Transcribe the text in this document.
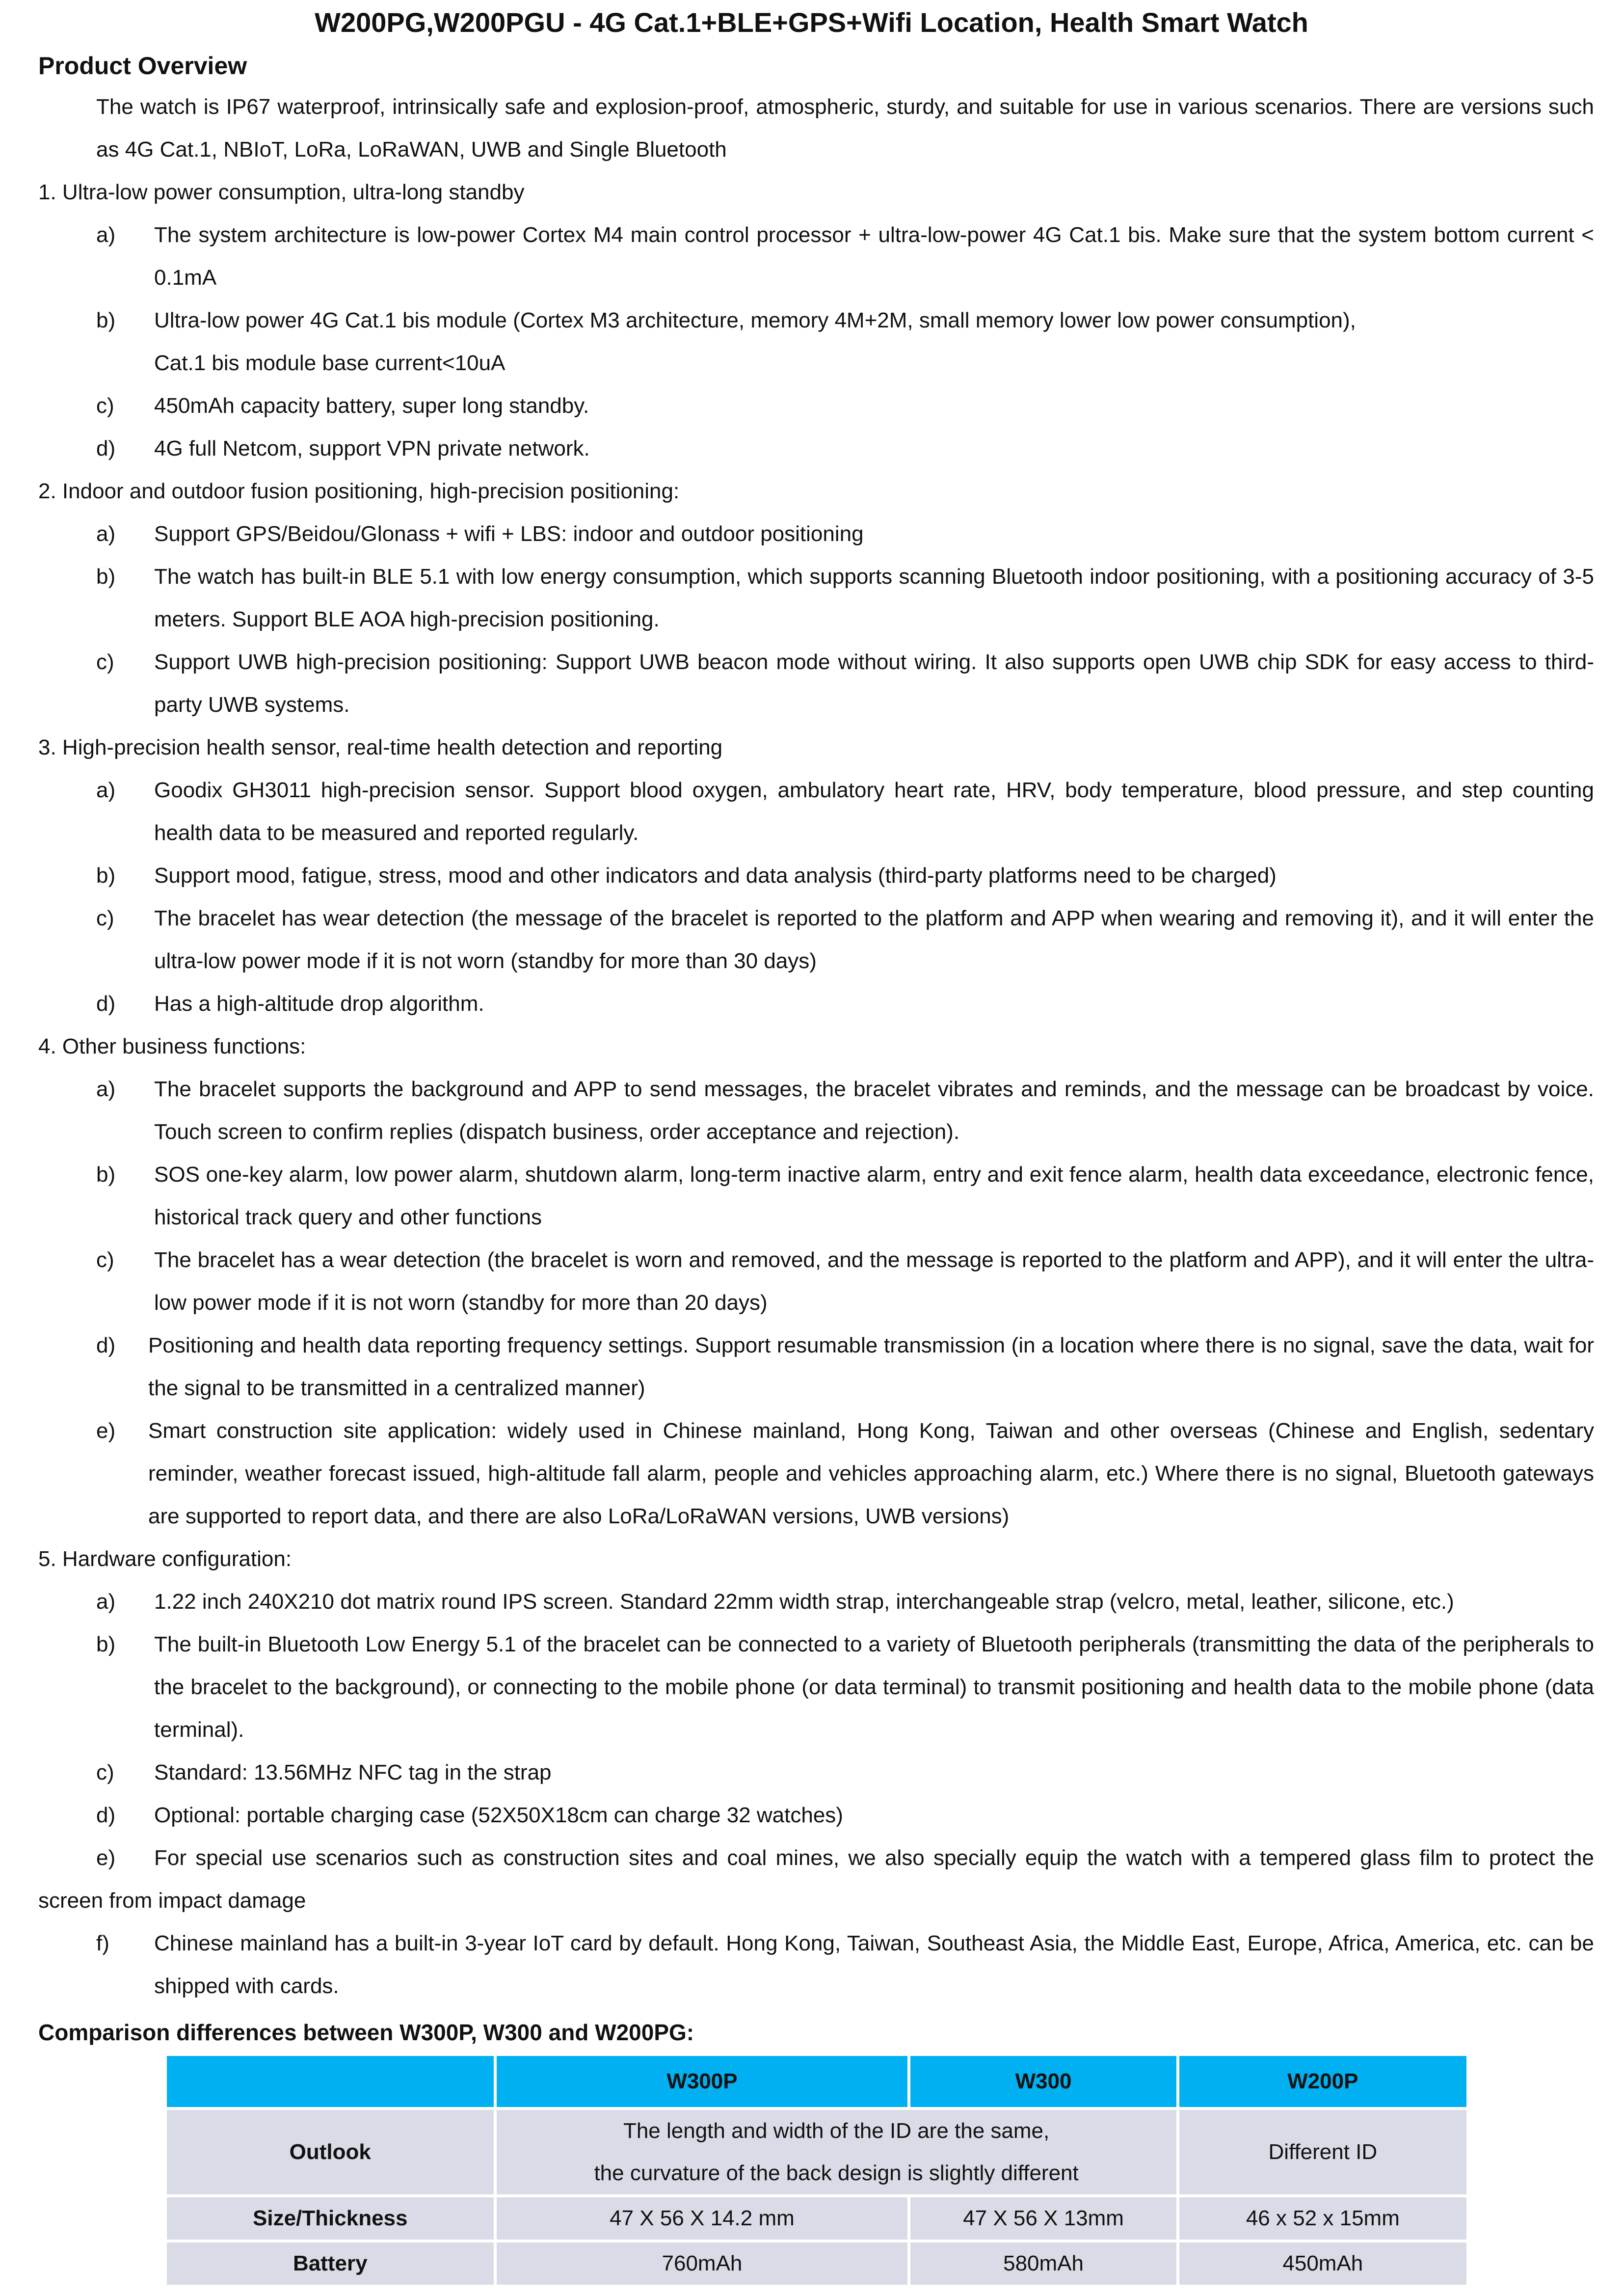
W200PG,W200PGU - 4G Cat.1+BLE+GPS+Wifi Location, Health Smart Watch
Product Overview
The watch is IP67 waterproof, intrinsically safe and explosion-proof, atmospheric, sturdy, and suitable for use in various scenarios. There are versions such as 4G Cat.1, NBIoT, LoRa, LoRaWAN, UWB and Single Bluetooth
1. Ultra-low power consumption, ultra-long standby
a) The system architecture is low-power Cortex M4 main control processor + ultra-low-power 4G Cat.1 bis. Make sure that the system bottom current < 0.1mA
b) Ultra-low power 4G Cat.1 bis module (Cortex M3 architecture, memory 4M+2M, small memory lower low power consumption),
Cat.1 bis module base current<10uA
c) 450mAh capacity battery, super long standby.
d) 4G full Netcom, support VPN private network.
2. Indoor and outdoor fusion positioning, high-precision positioning:
a) Support GPS/Beidou/Glonass + wifi + LBS: indoor and outdoor positioning
b) The watch has built-in BLE 5.1 with low energy consumption, which supports scanning Bluetooth indoor positioning, with a positioning accuracy of 3-5 meters. Support BLE AOA high-precision positioning.
c) Support UWB high-precision positioning: Support UWB beacon mode without wiring. It also supports open UWB chip SDK for easy access to third-party UWB systems.
3. High-precision health sensor, real-time health detection and reporting
a) Goodix GH3011 high-precision sensor. Support blood oxygen, ambulatory heart rate, HRV, body temperature, blood pressure, and step counting health data to be measured and reported regularly.
b) Support mood, fatigue, stress, mood and other indicators and data analysis (third-party platforms need to be charged)
c) The bracelet has wear detection (the message of the bracelet is reported to the platform and APP when wearing and removing it), and it will enter the ultra-low power mode if it is not worn (standby for more than 30 days)
d) Has a high-altitude drop algorithm.
4. Other business functions:
a) The bracelet supports the background and APP to send messages, the bracelet vibrates and reminds, and the message can be broadcast by voice. Touch screen to confirm replies (dispatch business, order acceptance and rejection).
b) SOS one-key alarm, low power alarm, shutdown alarm, long-term inactive alarm, entry and exit fence alarm, health data exceedance, electronic fence, historical track query and other functions
c) The bracelet has a wear detection (the bracelet is worn and removed, and the message is reported to the platform and APP), and it will enter the ultra-low power mode if it is not worn (standby for more than 20 days)
d) Positioning and health data reporting frequency settings. Support resumable transmission (in a location where there is no signal, save the data, wait for the signal to be transmitted in a centralized manner)
e) Smart construction site application: widely used in Chinese mainland, Hong Kong, Taiwan and other overseas (Chinese and English, sedentary reminder, weather forecast issued, high-altitude fall alarm, people and vehicles approaching alarm, etc.) Where there is no signal, Bluetooth gateways are supported to report data, and there are also LoRa/LoRaWAN versions, UWB versions)
5. Hardware configuration:
a) 1.22 inch 240X210 dot matrix round IPS screen. Standard 22mm width strap, interchangeable strap (velcro, metal, leather, silicone, etc.)
b) The built-in Bluetooth Low Energy 5.1 of the bracelet can be connected to a variety of Bluetooth peripherals (transmitting the data of the peripherals to the bracelet to the background), or connecting to the mobile phone (or data terminal) to transmit positioning and health data to the mobile phone (data terminal).
c) Standard: 13.56MHz NFC tag in the strap
d) Optional: portable charging case (52X50X18cm can charge 32 watches)
e) For special use scenarios such as construction sites and coal mines, we also specially equip the watch with a tempered glass film to protect the
screen from impact damage
f) Chinese mainland has a built-in 3-year IoT card by default. Hong Kong, Taiwan, Southeast Asia, the Middle East, Europe, Africa, America, etc. can be shipped with cards.
Comparison differences between W300P, W300 and W200PG:
	W300P	W300	W200P
Outlook	The length and width of the ID are the same,
the curvature of the back design is slightly different		Different ID
Size/Thickness	47 X 56 X 14.2 mm	47 X 56 X 13mm	46 x 52 x 15mm
Battery	760mAh	580mAh	450mAh
